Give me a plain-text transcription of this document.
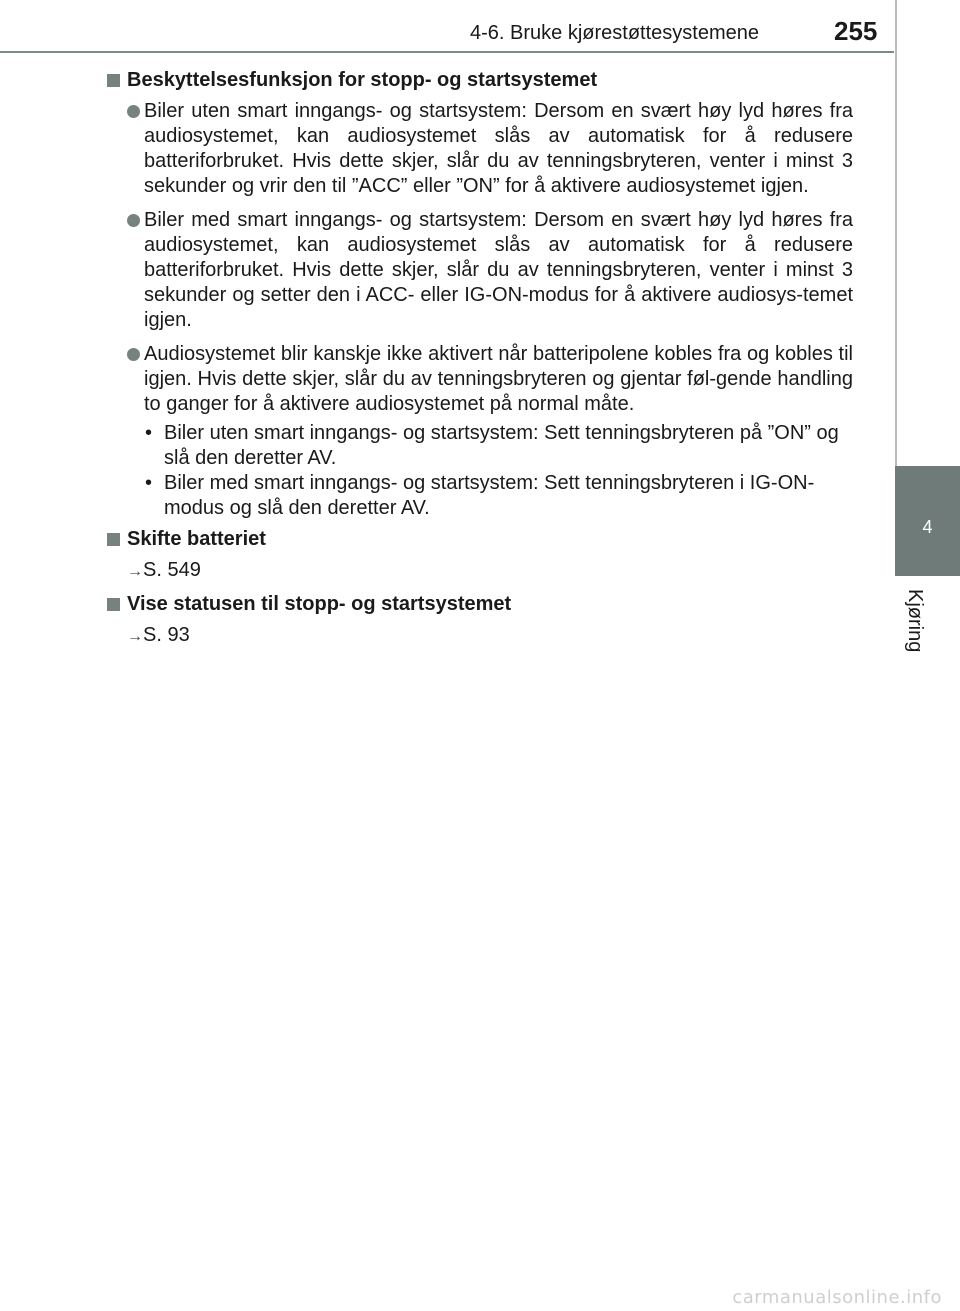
4-6. Bruke kjørestøttesystemene	255
4
Kjøring
Beskyttelsesfunksjon for stopp- og startsystemet
Biler uten smart inngangs- og startsystem: Dersom en svært høy lyd høres fra audiosystemet, kan audiosystemet slås av automatisk for å redusere batteriforbruket. Hvis dette skjer, slår du av tenningsbryteren, venter i minst 3 sekunder og vrir den til ”ACC” eller ”ON” for å aktivere audiosystemet igjen.
Biler med smart inngangs- og startsystem: Dersom en svært høy lyd høres fra audiosystemet, kan audiosystemet slås av automatisk for å redusere batteriforbruket. Hvis dette skjer, slår du av tenningsbryteren, venter i minst 3 sekunder og setter den i ACC- eller IG-ON-modus for å aktivere audiosys-temet igjen.
Audiosystemet blir kanskje ikke aktivert når batteripolene kobles fra og kobles til igjen. Hvis dette skjer, slår du av tenningsbryteren og gjentar føl-gende handling to ganger for å aktivere audiosystemet på normal måte.
• Biler uten smart inngangs- og startsystem: Sett tenningsbryteren på ”ON” og slå den deretter AV.
• Biler med smart inngangs- og startsystem: Sett tenningsbryteren i IG-ON-modus og slå den deretter AV.
Skifte batteriet
→S. 549
Vise statusen til stopp- og startsystemet
→S. 93
carmanualsonline.info
